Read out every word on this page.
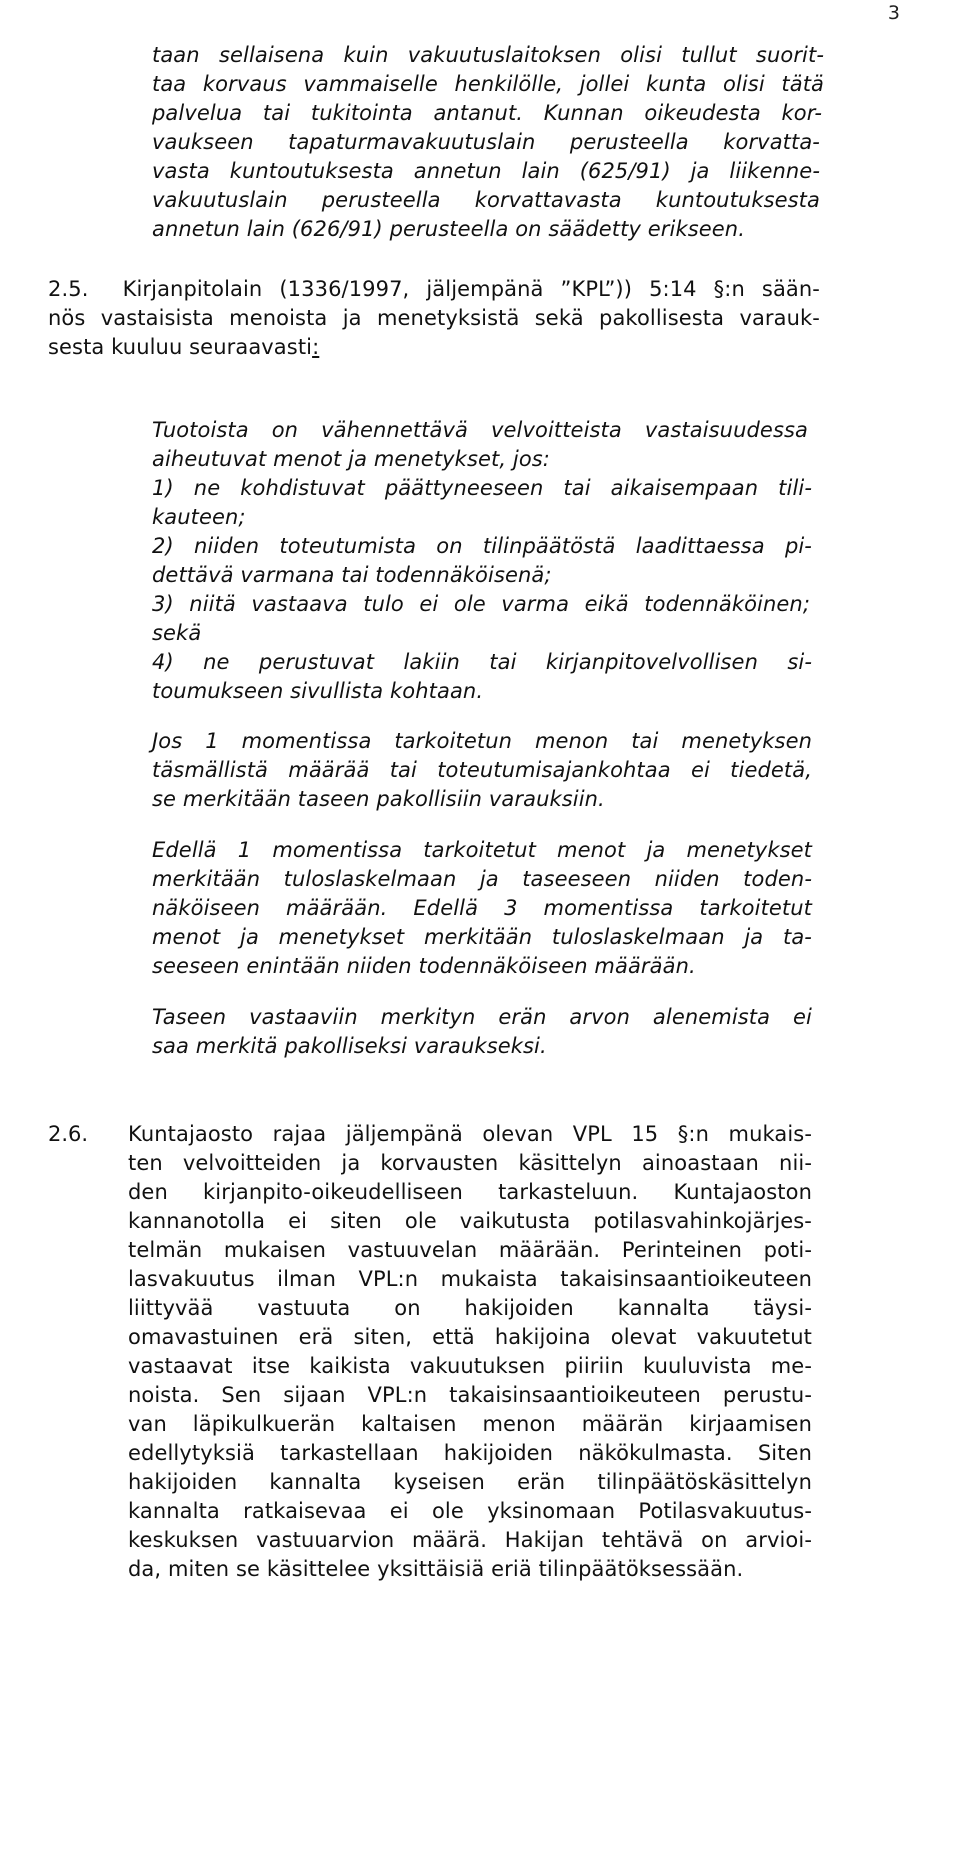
3
taan sellaisena kuin vakuutuslaitoksen olisi tullut suorit-
taa korvaus vammaiselle henkilölle, jollei kunta olisi tätä
palvelua tai tukitointa antanut. Kunnan oikeudesta kor-
vaukseen tapaturmavakuutuslain perusteella korvatta-
vasta kuntoutuksesta annetun lain (625/91) ja liikenne-
vakuutuslain perusteella korvattavasta kuntoutuksesta
annetun lain (626/91) perusteella on säädetty erikseen.
2.5. Kirjanpitolain (1336/1997, jäljempänä ”KPL”)) 5:14 §:n sään-
nös vastaisista menoista ja menetyksistä sekä pakollisesta varauk-
sesta kuuluu seuraavasti:
Tuotoista on vähennettävä velvoitteista vastaisuudessa
aiheutuvat menot ja menetykset, jos:
1) ne kohdistuvat päättyneeseen tai aikaisempaan tili-
kauteen;
2) niiden toteutumista on tilinpäätöstä laadittaessa pi-
dettävä varmana tai todennäköisenä;
3) niitä vastaava tulo ei ole varma eikä todennäköinen;
sekä
4) ne perustuvat lakiin tai kirjanpitovelvollisen si-
toumukseen sivullista kohtaan.
Jos 1 momentissa tarkoitetun menon tai menetyksen
täsmällistä määrää tai toteutumisajankohtaa ei tiedetä,
se merkitään taseen pakollisiin varauksiin.
Edellä 1 momentissa tarkoitetut menot ja menetykset
merkitään tuloslaskelmaan ja taseeseen niiden toden-
näköiseen määrään. Edellä 3 momentissa tarkoitetut
menot ja menetykset merkitään tuloslaskelmaan ja ta-
seeseen enintään niiden todennäköiseen määrään.
Taseen vastaaviin merkityn erän arvon alenemista ei
saa merkitä pakolliseksi varaukseksi.
2.6. Kuntajaosto rajaa jäljempänä olevan VPL 15 §:n mukais-
ten velvoitteiden ja korvausten käsittelyn ainoastaan nii-
den kirjanpito-oikeudelliseen tarkasteluun. Kuntajaoston
kannanotolla ei siten ole vaikutusta potilasvahinkojärjes-
telmän mukaisen vastuuvelan määrään. Perinteinen poti-
lasvakuutus ilman VPL:n mukaista takaisinsaantioikeuteen
liittyvää vastuuta on hakijoiden kannalta täysi-
omavastuinen erä siten, että hakijoina olevat vakuutetut
vastaavat itse kaikista vakuutuksen piiriin kuuluvista me-
noista. Sen sijaan VPL:n takaisinsaantioikeuteen perustu-
van läpikulkuerän kaltaisen menon määrän kirjaamisen
edellytyksiä tarkastellaan hakijoiden näkökulmasta. Siten
hakijoiden kannalta kyseisen erän tilinpäätöskäsittelyn
kannalta ratkaisevaa ei ole yksinomaan Potilasvakuutus-
keskuksen vastuuarvion määrä. Hakijan tehtävä on arvioi-
da, miten se käsittelee yksittäisiä eriä tilinpäätöksessään.
